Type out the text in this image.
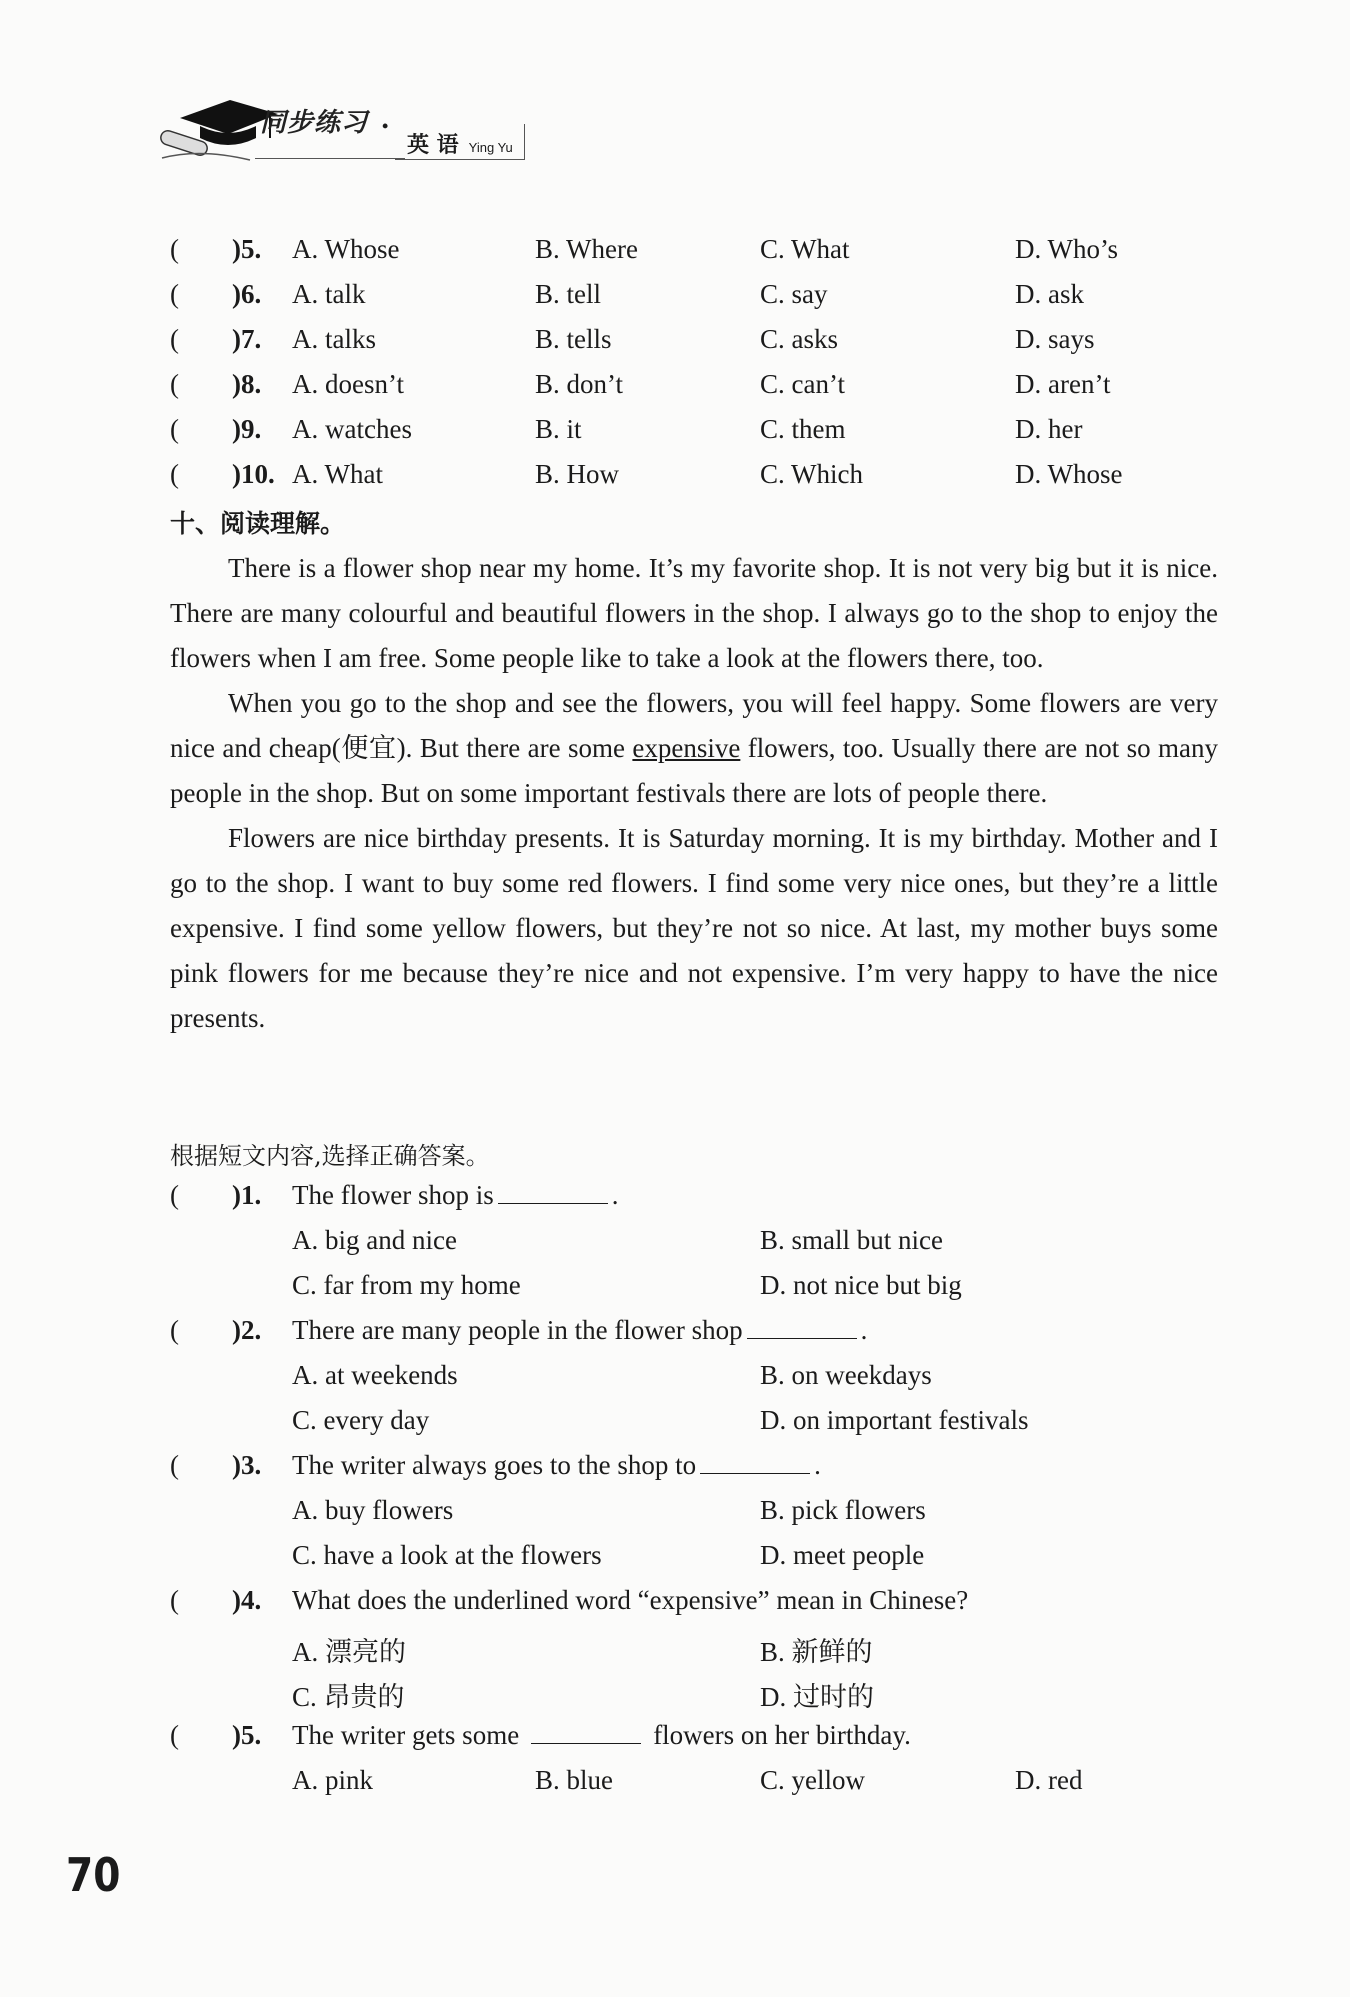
同步练习 •
英 语 Ying Yu
( )5. A. Whose	B. Where	C. What	D. Who’s
( )6. A. talk	B. tell	C. say	D. ask
( )7. A. talks	B. tells	C. asks	D. says
( )8. A. doesn’t	B. don’t	C. can’t	D. aren’t
( )9. A. watches	B. it	C. them	D. her
( )10. A. What	B. How	C. Which	D. Whose
十、阅读理解。

There is a flower shop near my home. It’s my favorite shop. It is not very big but it is nice. There are many colourful and beautiful flowers in the shop. I always go to the shop to enjoy the flowers when I am free. Some people like to take a look at the flowers there, too.

When you go to the shop and see the flowers, you will feel happy. Some flowers are very nice and cheap(便宜). But there are some expensive flowers, too. Usually there are not so many people in the shop. But on some important festivals there are lots of people there.

Flowers are nice birthday presents. It is Saturday morning. It is my birthday. Mother and I go to the shop. I want to buy some red flowers. I find some very nice ones, but they’re a little expensive. I find some yellow flowers, but they’re not so nice. At last, my mother buys some pink flowers for me because they’re nice and not expensive. I’m very happy to have the nice presents.

根据短文内容,选择正确答案。
( )1. The flower shop is	.
A. big and nice	B. small but nice
C. far from my home	D. not nice but big
( )2. There are many people in the flower shop	.
A. at weekends	B. on weekdays
C. every day	D. on important festivals
( )3. The writer always goes to the shop to	.
A. buy flowers	B. pick flowers
C. have a look at the flowers	D. meet people
( )4. What does the underlined word “expensive” mean in Chinese?
A. 漂亮的	B. 新鲜的
C. 昂贵的	D. 过时的
( )5. The writer gets some	flowers on her birthday.
A. pink	B. blue	C. yellow	D. red
70
